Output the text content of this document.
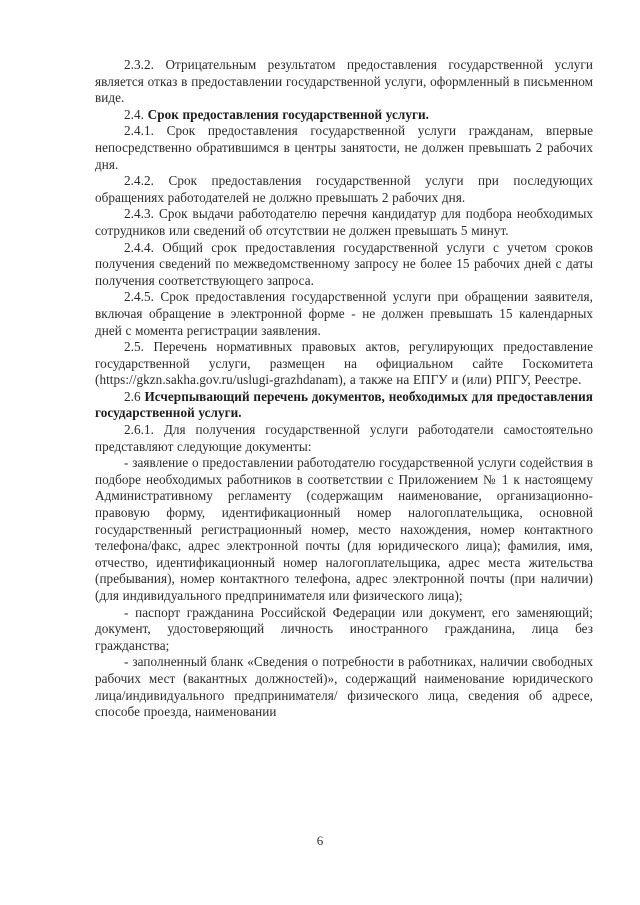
2.3.2. Отрицательным результатом предоставления государственной услуги является отказ в предоставлении государственной услуги, оформленный в письменном виде.

2.4. Срок предоставления государственной услуги.

2.4.1. Срок предоставления государственной услуги гражданам, впервые непосредственно обратившимся в центры занятости, не должен превышать 2 рабочих дня.

2.4.2. Срок предоставления государственной услуги при последующих обращениях работодателей не должно превышать 2 рабочих дня.

2.4.3. Срок выдачи работодателю перечня кандидатур для подбора необходимых сотрудников или сведений об отсутствии не должен превышать 5 минут.

2.4.4. Общий срок предоставления государственной услуги с учетом сроков получения сведений по межведомственному запросу не более 15 рабочих дней с даты получения соответствующего запроса.

2.4.5. Срок предоставления государственной услуги при обращении заявителя, включая обращение в электронной форме - не должен превышать 15 календарных дней с момента регистрации заявления.

2.5. Перечень нормативных правовых актов, регулирующих предоставление государственной услуги, размещен на официальном сайте Госкомитета (https://gkzn.sakha.gov.ru/uslugi-grazhdanam), а также на ЕПГУ и (или) РПГУ, Реестре.

2.6 Исчерпывающий перечень документов, необходимых для предоставления государственной услуги.

2.6.1. Для получения государственной услуги работодатели самостоятельно представляют следующие документы:

- заявление о предоставлении работодателю государственной услуги содействия в подборе необходимых работников в соответствии с Приложением № 1 к настоящему Административному регламенту (содержащим наименование, организационно-правовую форму, идентификационный номер налогоплательщика, основной государственный регистрационный номер, место нахождения, номер контактного телефона/факс, адрес электронной почты (для юридического лица); фамилия, имя, отчество, идентификационный номер налогоплательщика, адрес места жительства (пребывания), номер контактного телефона, адрес электронной почты (при наличии) (для индивидуального предпринимателя или физического лица);

- паспорт гражданина Российской Федерации или документ, его заменяющий; документ, удостоверяющий личность иностранного гражданина, лица без гражданства;

- заполненный бланк «Сведения о потребности в работниках, наличии свободных рабочих мест (вакантных должностей)», содержащий наименование юридического лица/индивидуального предпринимателя/ физического лица, сведения об адресе, способе проезда, наименовании

6
